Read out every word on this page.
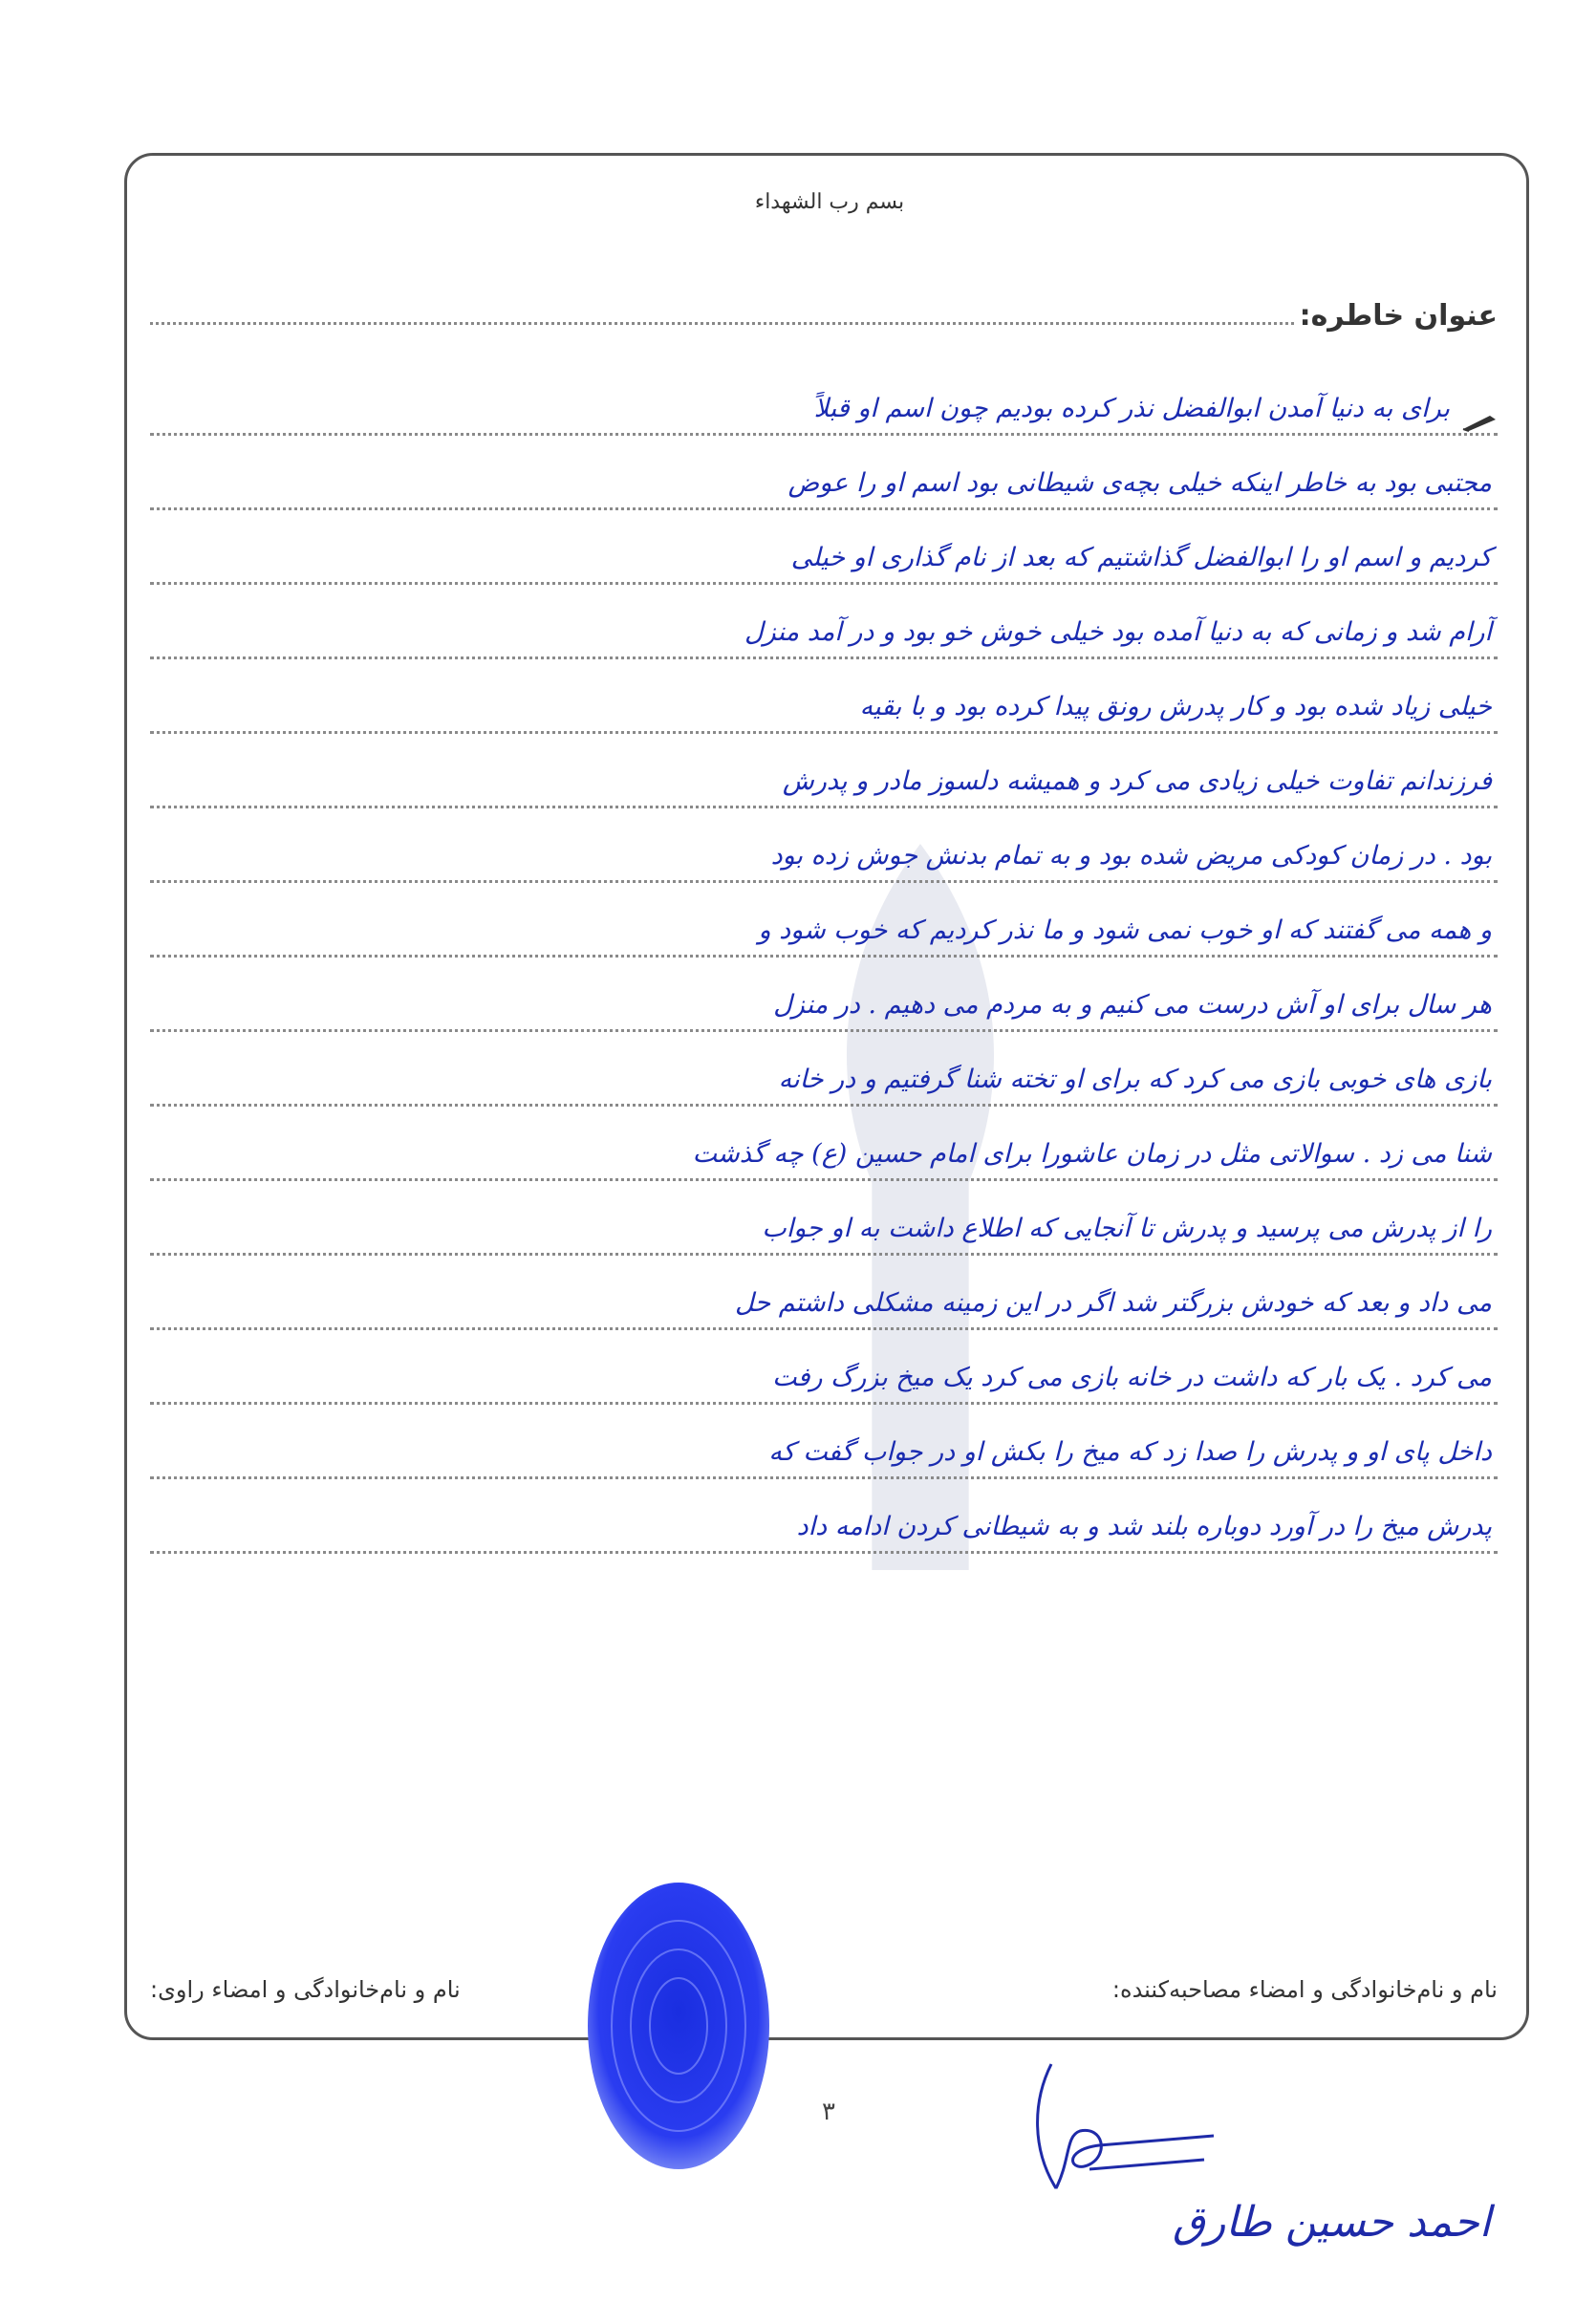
بسم رب الشهداء
عنوان خاطره:
برای به دنیا آمدن ابوالفضل نذر کرده بودیم چون اسم او قبلاً
مجتبی بود به خاطر اینکه خیلی بچه‌ی شیطانی بود اسم او را عوض
کردیم و اسم او را ابوالفضل گذاشتیم که بعد از نام گذاری او خیلی
آرام شد و زمانی که به دنیا آمده بود خیلی خوش خو بود و در آمد منزل
خیلی زیاد شده بود و کار پدرش رونق پیدا کرده بود و با بقیه
فرزندانم تفاوت خیلی زیادی می کرد و همیشه دلسوز مادر و پدرش
بود . در زمان کودکی مریض شده بود و به تمام بدنش جوش زده بود
و همه می گفتند که او خوب نمی شود و ما نذر کردیم که خوب شود و
هر سال برای او آش درست می کنیم و به مردم می دهیم . در منزل
بازی های خوبی بازی می کرد که برای او تخته شنا گرفتیم و در خانه
شنا می زد . سوالاتی مثل در زمان عاشورا برای امام حسین (ع) چه گذشت
را از پدرش می پرسید و پدرش تا آنجایی که اطلاع داشت به او جواب
می داد و بعد که خودش بزرگتر شد اگر در این زمینه مشکلی داشتم حل
می کرد . یک بار که داشت در خانه بازی می کرد یک میخ بزرگ رفت
داخل پای او و پدرش را صدا زد که میخ را بکش او در جواب گفت که
پدرش میخ را در آورد دوباره بلند شد و به شیطانی کردن ادامه داد
نام و نام‌خانوادگی و امضاء مصاحبه‌کننده:
نام و نام‌خانوادگی و امضاء راوی:
۳
احمد حسین طارق
